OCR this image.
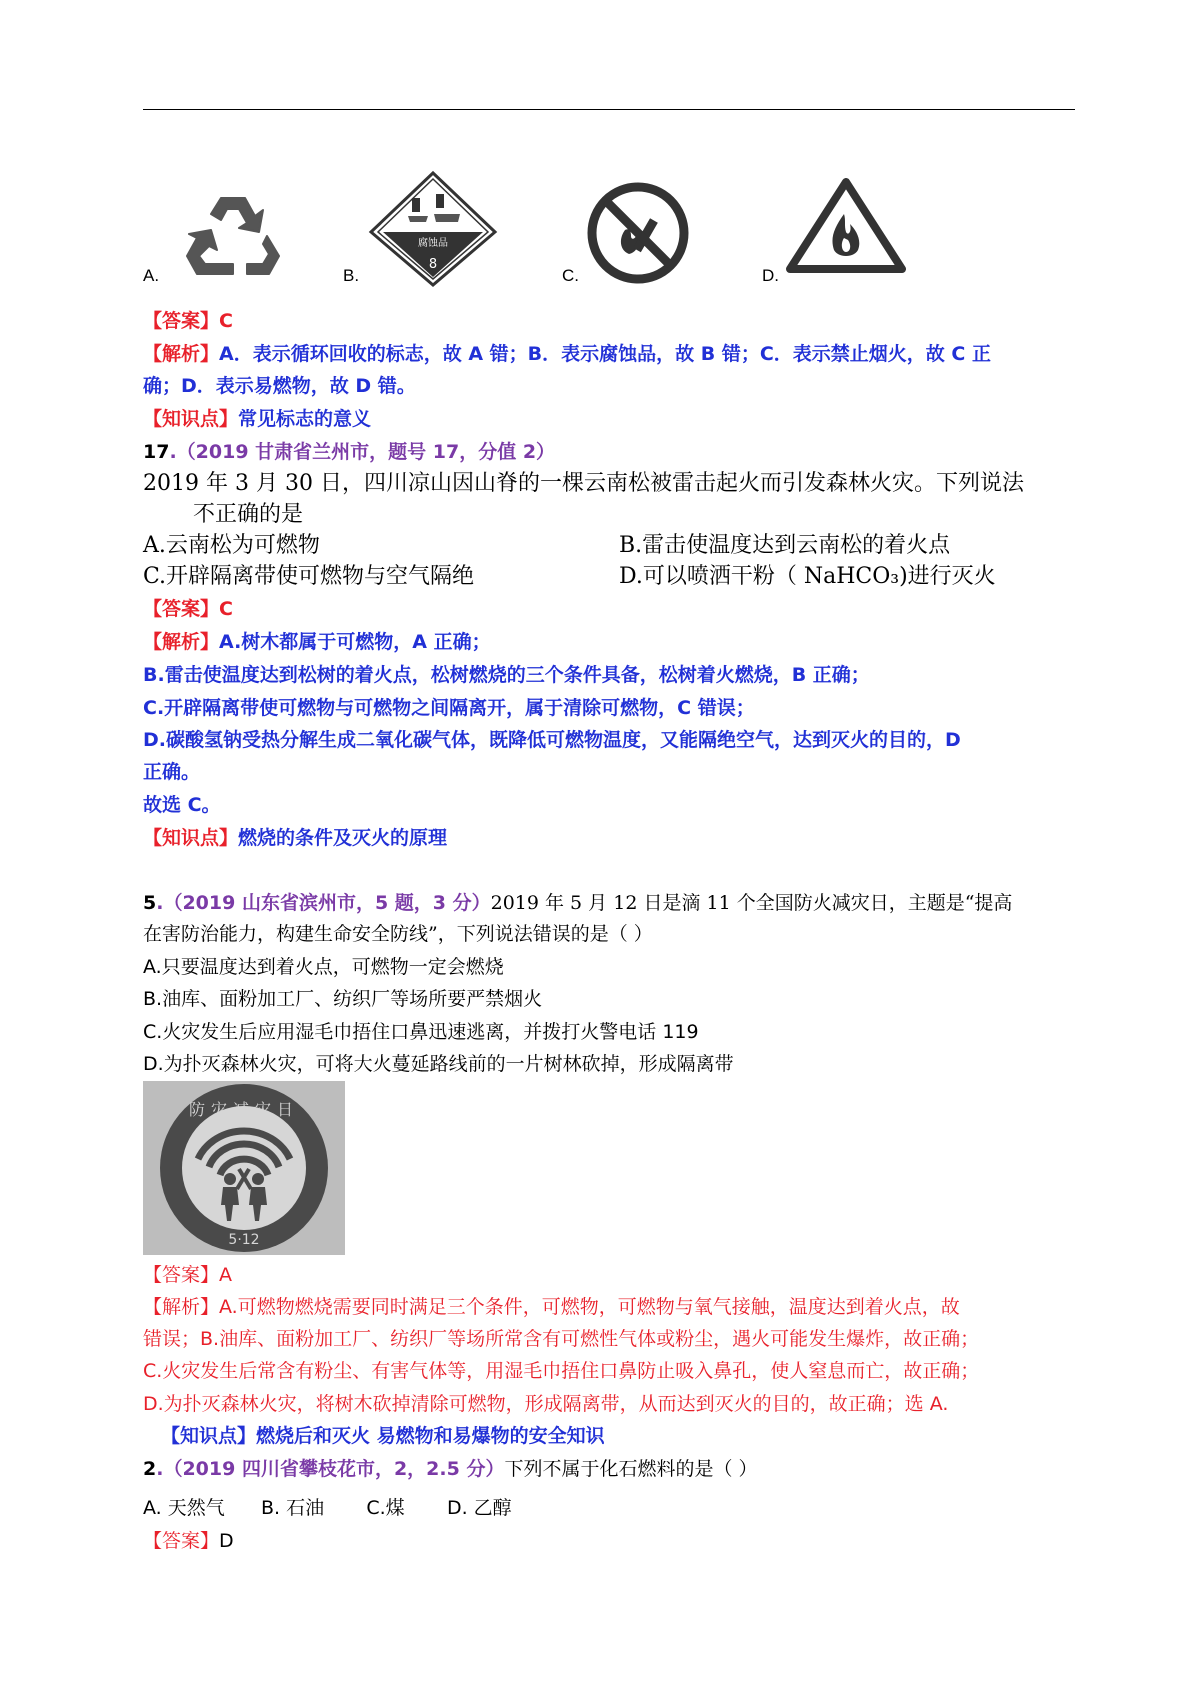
A.
腐蚀品
8
B.	C.	D.
【答案】C
【解析】A．表示循环回收的标志，故 A 错；B．表示腐蚀品，故 B 错；C．表示禁止烟火，故 C 正
确；D．表示易燃物，故 D 错。
【知识点】常见标志的意义
17.（2019 甘肃省兰州市，题号 17，分值 2）
2019 年 3 月 30 日，四川凉山因山脊的一棵云南松被雷击起火而引发森林火灾。下列说法
不正确的是
A.云南松为可燃物	B.雷击使温度达到云南松的着火点
C.开辟隔离带使可燃物与空气隔绝	D.可以喷洒干粉（ NaHCO₃)进行灭火
【答案】C
【解析】A.树木都属于可燃物，A 正确；
B.雷击使温度达到松树的着火点，松树燃烧的三个条件具备，松树着火燃烧，B 正确；
C.开辟隔离带使可燃物与可燃物之间隔离开，属于清除可燃物，C 错误；
D.碳酸氢钠受热分解生成二氧化碳气体，既降低可燃物温度，又能隔绝空气，达到灭火的目的，D
正确。
故选 C。
【知识点】燃烧的条件及灭火的原理
5.（2019 山东省滨州市，5 题，3 分）2019 年 5 月 12 日是滴 11 个全国防火减灾日，主题是“提高
在害防治能力，构建生命安全防线”，下列说法错误的是（ ）
A.只要温度达到着火点，可燃物一定会燃烧
B.油库、面粉加工厂、纺织厂等场所要严禁烟火
C.火灾发生后应用湿毛巾捂住口鼻迅速逃离，并拨打火警电话 119
D.为扑灭森林火灾，可将大火蔓延路线前的一片树林砍掉，形成隔离带
防灾减灾日
5·12
【答案】A
【解析】A.可燃物燃烧需要同时满足三个条件，可燃物，可燃物与氧气接触，温度达到着火点，故
错误；B.油库、面粉加工厂、纺织厂等场所常含有可燃性气体或粉尘，遇火可能发生爆炸，故正确；
C.火灾发生后常含有粉尘、有害气体等，用湿毛巾捂住口鼻防止吸入鼻孔，使人窒息而亡，故正确；
D.为扑灭森林火灾，将树木砍掉清除可燃物，形成隔离带，从而达到灭火的目的，故正确；选 A.
【知识点】燃烧后和灭火 易燃物和易爆物的安全知识
2.（2019 四川省攀枝花市，2，2.5 分）下列不属于化石燃料的是（ ）
A. 天然气      B. 石油       C.煤       D. 乙醇
【答案】D
